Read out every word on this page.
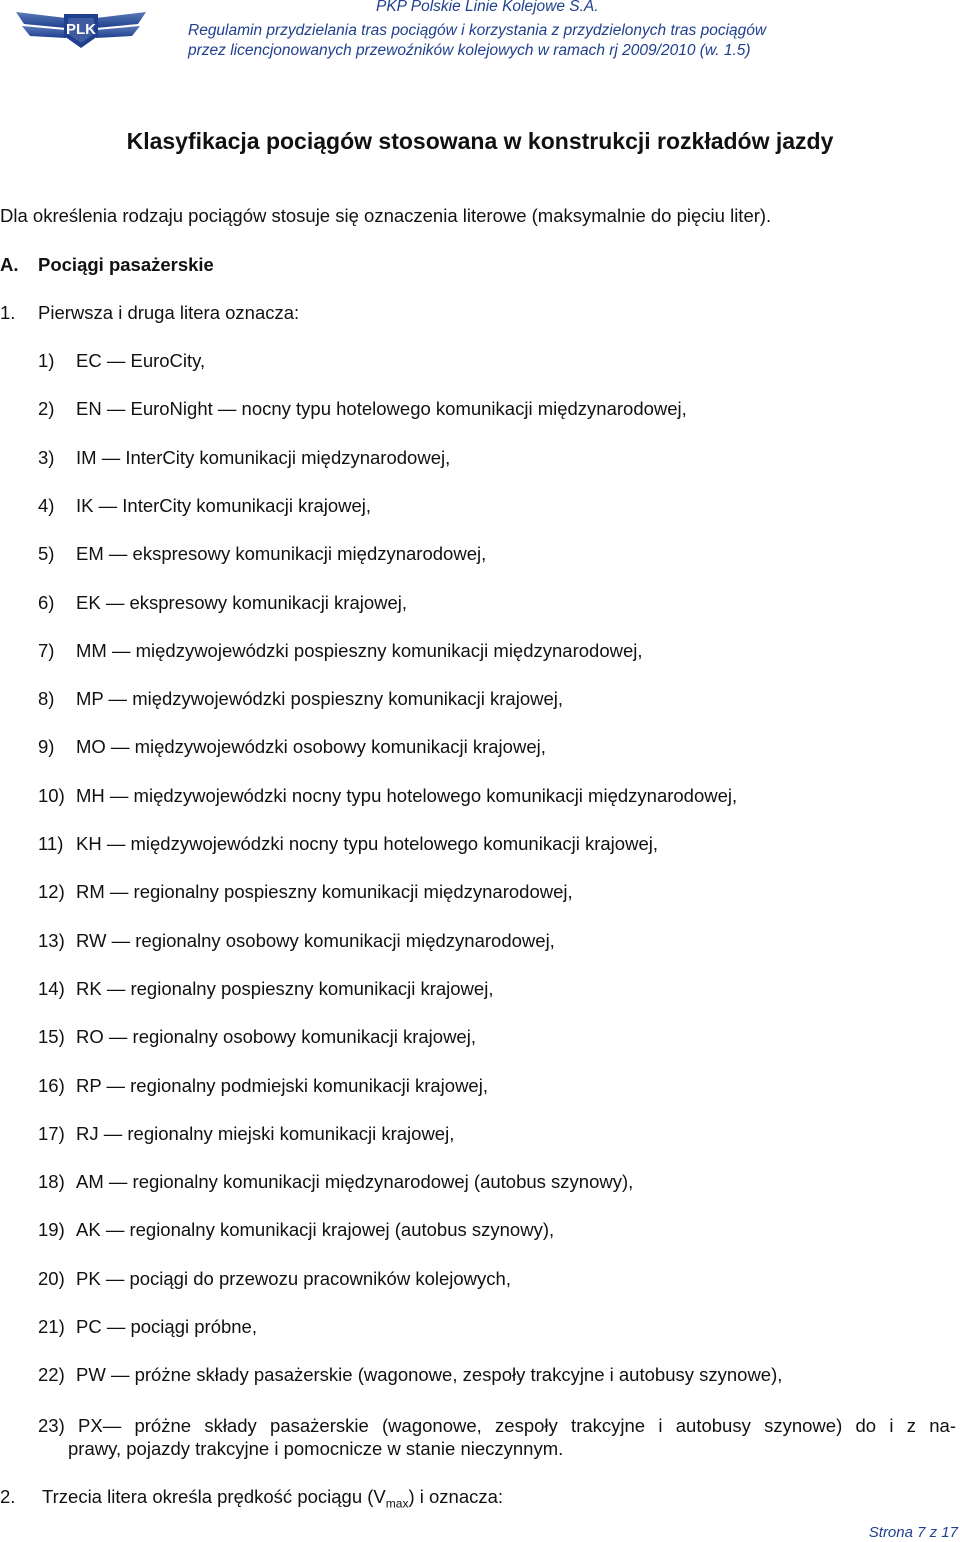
PLK
PKP Polskie Linie Kolejowe S.A.
Regulamin przydzielania tras pociągów i korzystania z przydzielonych tras pociągów
przez licencjonowanych przewoźników kolejowych w ramach rj 2009/2010 (w. 1.5)
Klasyfikacja pociągów stosowana w konstrukcji rozkładów jazdy
Dla określenia rodzaju pociągów stosuje się oznaczenia literowe (maksymalnie do pięciu liter).
A. Pociągi pasażerskie
1. Pierwsza i druga litera oznacza:
1) EC — EuroCity,
2) EN — EuroNight — nocny typu hotelowego komunikacji międzynarodowej,
3) IM — InterCity komunikacji międzynarodowej,
4) IK — InterCity komunikacji krajowej,
5) EM — ekspresowy komunikacji międzynarodowej,
6) EK — ekspresowy komunikacji krajowej,
7) MM — międzywojewódzki pospieszny komunikacji międzynarodowej,
8) MP — międzywojewódzki pospieszny komunikacji krajowej,
9) MO — międzywojewódzki osobowy komunikacji krajowej,
10) MH — międzywojewódzki nocny typu hotelowego komunikacji międzynarodowej,
11) KH — międzywojewódzki nocny typu hotelowego komunikacji krajowej,
12) RM — regionalny pospieszny komunikacji międzynarodowej,
13) RW — regionalny osobowy komunikacji międzynarodowej,
14) RK — regionalny pospieszny komunikacji krajowej,
15) RO — regionalny osobowy komunikacji krajowej,
16) RP — regionalny podmiejski komunikacji krajowej,
17) RJ — regionalny miejski komunikacji krajowej,
18) AM — regionalny komunikacji międzynarodowej (autobus szynowy),
19) AK — regionalny komunikacji krajowej (autobus szynowy),
20) PK — pociągi do przewozu pracowników kolejowych,
21) PC — pociągi próbne,
22) PW — próżne składy pasażerskie (wagonowe, zespoły trakcyjne i autobusy szynowe),
23) PX— próżne składy pasażerskie (wagonowe, zespoły trakcyjne i autobusy szynowe) do i z na-
prawy, pojazdy trakcyjne i pomocnicze w stanie nieczynnym.
2. Trzecia litera określa prędkość pociągu $(V_{max})$ i oznacza:
Strona 7 z 17
